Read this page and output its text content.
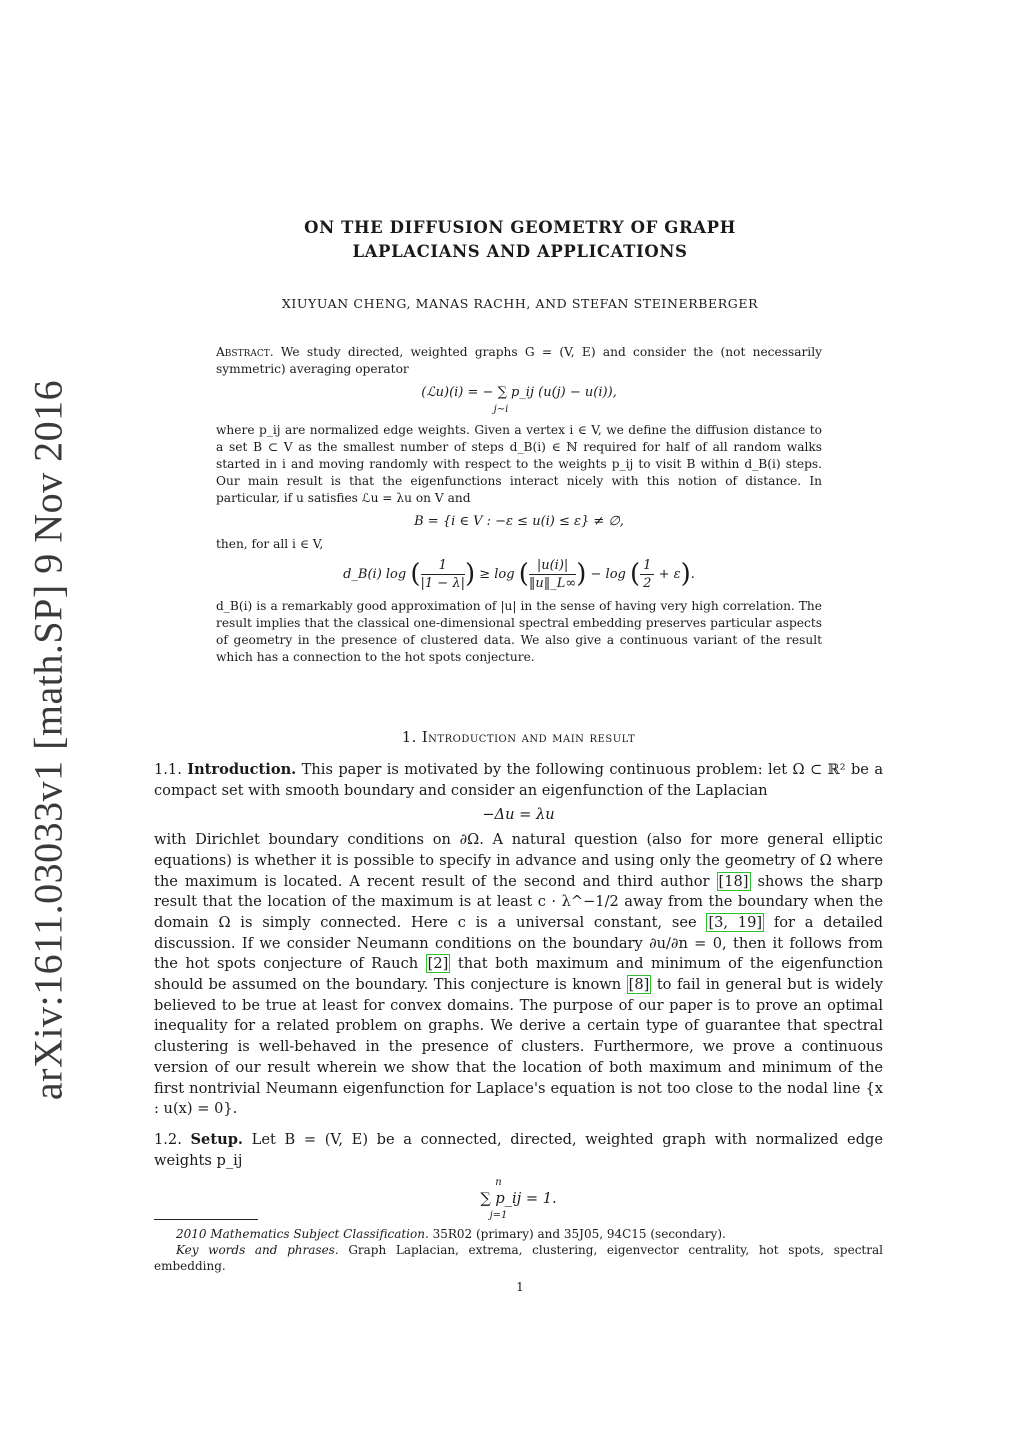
arXiv:1611.03033v1 [math.SP] 9 Nov 2016
ON THE DIFFUSION GEOMETRY OF GRAPH
LAPLACIANS AND APPLICATIONS
XIUYUAN CHENG, MANAS RACHH, AND STEFAN STEINERBERGER

Abstract. We study directed, weighted graphs G = (V, E) and consider the (not necessarily symmetric) averaging operator

(ℒu)(i) = − ∑ p_ij (u(j) − u(i)),
j∼i

where p_ij are normalized edge weights. Given a vertex i ∈ V, we define the diffusion distance to a set B ⊂ V as the smallest number of steps d_B(i) ∈ ℕ required for half of all random walks started in i and moving randomly with respect to the weights p_ij to visit B within d_B(i) steps. Our main result is that the eigenfunctions interact nicely with this notion of distance. In particular, if u satisfies ℒu = λu on V and

B = {i ∈ V : −ε ≤ u(i) ≤ ε} ≠ ∅,

then, for all i ∈ V,

d_B(i) log ( $\frac{1}{|1 - \lambda|}$ ) ≥ log ( $\frac{|u(i)|}{‖u‖\_L\infty}$ ) − log ( $\frac{1}{2} + \varepsilon$).

d_B(i) is a remarkably good approximation of |u| in the sense of having very high correlation. The result implies that the classical one-dimensional spectral embedding preserves particular aspects of geometry in the presence of clustered data. We also give a continuous variant of the result which has a connection to the hot spots conjecture.

1. Introduction and main result

1.1. Introduction. This paper is motivated by the following continuous problem: let Ω ⊂ ℝ² be a compact set with smooth boundary and consider an eigenfunction of the Laplacian

−Δu = λu

with Dirichlet boundary conditions on ∂Ω. A natural question (also for more general elliptic equations) is whether it is possible to specify in advance and using only the geometry of Ω where the maximum is located. A recent result of the second and third author [18] shows the sharp result that the location of the maximum is at least c · λ^−1/2 away from the boundary when the domain Ω is simply connected. Here c is a universal constant, see [3, 19] for a detailed discussion. If we consider Neumann conditions on the boundary ∂u/∂n = 0, then it follows from the hot spots conjecture of Rauch [2] that both maximum and minimum of the eigenfunction should be assumed on the boundary. This conjecture is known [8] to fail in general but is widely believed to be true at least for convex domains. The purpose of our paper is to prove an optimal inequality for a related problem on graphs. We derive a certain type of guarantee that spectral clustering is well-behaved in the presence of clusters. Furthermore, we prove a continuous version of our result wherein we show that the location of both maximum and minimum of the first nontrivial Neumann eigenfunction for Laplace's equation is not too close to the nodal line {x : u(x) = 0}.

1.2. Setup. Let B = (V, E) be a connected, directed, weighted graph with normalized edge weights p_ij

n
∑ p_ij = 1.
j=1
2010 Mathematics Subject Classification. 35R02 (primary) and 35J05, 94C15 (secondary).
Key words and phrases. Graph Laplacian, extrema, clustering, eigenvector centrality, hot spots, spectral embedding.
1
